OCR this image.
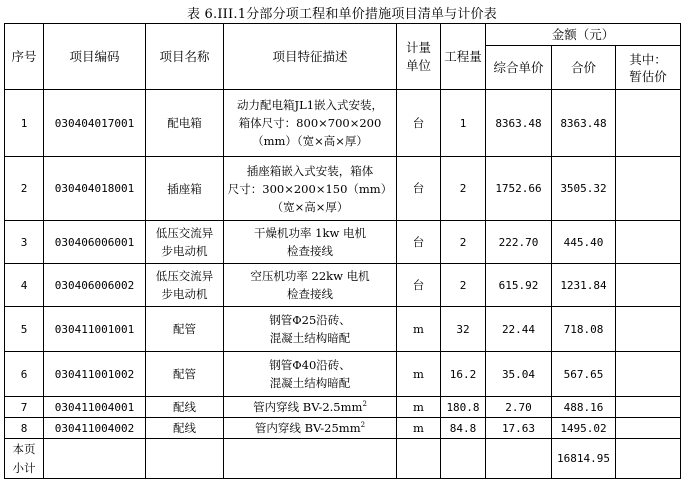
表 6.III.1分部分项工程和单价措施项目清单与计价表
序号	项目编码	项目名称	项目特征描述	计量
单位	工程量	金额（元）		
						综合单价	合价	其中：
暂估价

1	030404017001	配电箱	动力配电箱JL1嵌入式安装，
箱体尺寸：800×700×200
（mm）（宽×高×厚）	台	1	8363.48	8363.48	
2	030404018001	插座箱	插座箱嵌入式安装，箱体
尺寸：300×200×150（mm）
（宽×高×厚）	台	2	1752.66	3505.32	
3	030406006001	低压交流异
步电动机	干燥机功率 1kw 电机
检查接线	台	2	222.70	445.40	
4	030406006002	低压交流异
步电动机	空压机功率 22kw 电机
检查接线	台	2	615.92	1231.84	
5	030411001001	配管	钢管Φ25沿砖、
混凝土结构暗配	m	32	22.44	718.08	
6	030411001002	配管	钢管Φ40沿砖、
混凝土结构暗配	m	16.2	35.04	567.65	
7	030411004001	配线	管内穿线 $BV-2.5mm^2$	m	180.8	2.70	488.16	
8	030411004002	配线	管内穿线 $BV-25mm^2$	m	84.8	17.63	1495.02	

本页
小计							16814.95	
